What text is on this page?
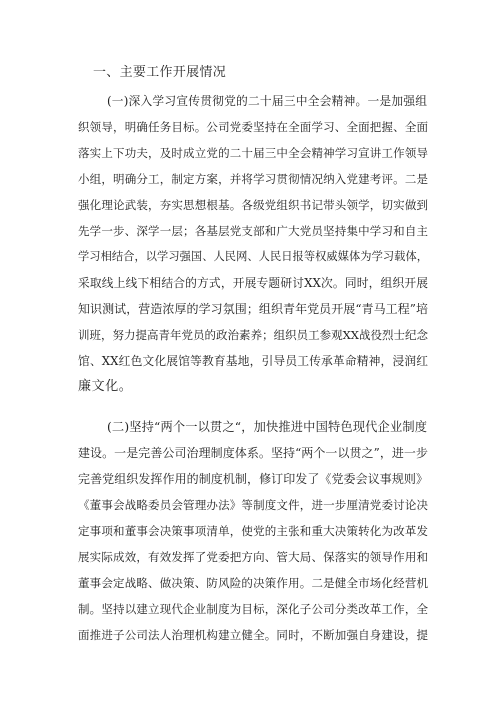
一、主要工作开展情况
(一)深入学习宣传贯彻党的二十届三中全会精神。一是加强组
织领导，明确任务目标。公司党委坚持在全面学习、全面把握、全面
落实上下功夫，及时成立党的二十届三中全会精神学习宣讲工作领导
小组，明确分工，制定方案，并将学习贯彻情况纳入党建考评。二是
强化理论武装，夯实思想根基。各级党组织书记带头领学，切实做到
先学一步、深学一层；各基层党支部和广大党员坚持集中学习和自主
学习相结合，以学习强国、人民网、人民日报等权威媒体为学习载体，
采取线上线下相结合的方式，开展专题研讨XX次。同时，组织开展
知识测试，营造浓厚的学习氛围；组织青年党员开展“青马工程”培
训班，努力提高青年党员的政治素养；组织员工参观XX战役烈士纪念
馆、XX红色文化展馆等教育基地，引导员工传承革命精神，浸润红
廉文化。
(二)坚持“两个一以贯之“，加快推进中国特色现代企业制度
建设。一是完善公司治理制度体系。坚持“两个一以贯之”，进一步
完善党组织发挥作用的制度机制，修订印发了《党委会议事规则》
《董事会战略委员会管理办法》等制度文件，进一步厘清党委讨论决
定事项和董事会决策事项清单，使党的主张和重大决策转化为改革发
展实际成效，有效发挥了党委把方向、管大局、保落实的领导作用和
董事会定战略、做决策、防风险的决策作用。二是健全市场化经营机
制。坚持以建立现代企业制度为目标，深化子公司分类改革工作，全
面推进子公司法人治理机构建立健全。同时，不断加强自身建设，提
